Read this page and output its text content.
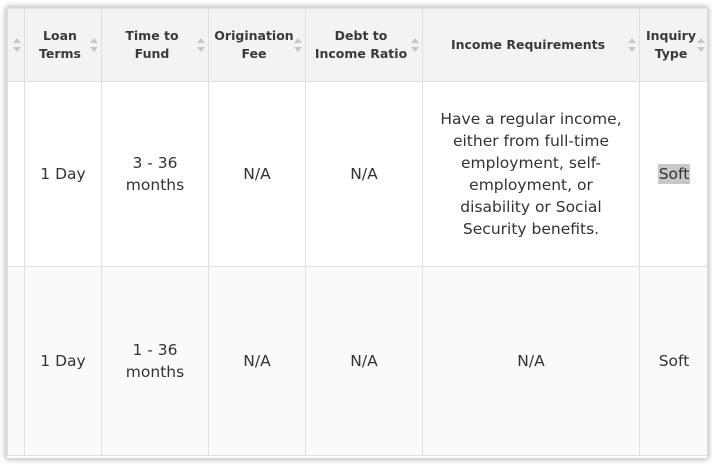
	Loan Terms	Time to Fund	Origination Fee	Debt to Income Ratio	Income Requirements	Inquiry Type

	1 Day	3 - 36 months	N/A	N/A	Have a regular income, either from full-time employment, self-employment, or disability or Social Security benefits.	Soft
	1 Day	1 - 36 months	N/A	N/A	N/A	Soft
